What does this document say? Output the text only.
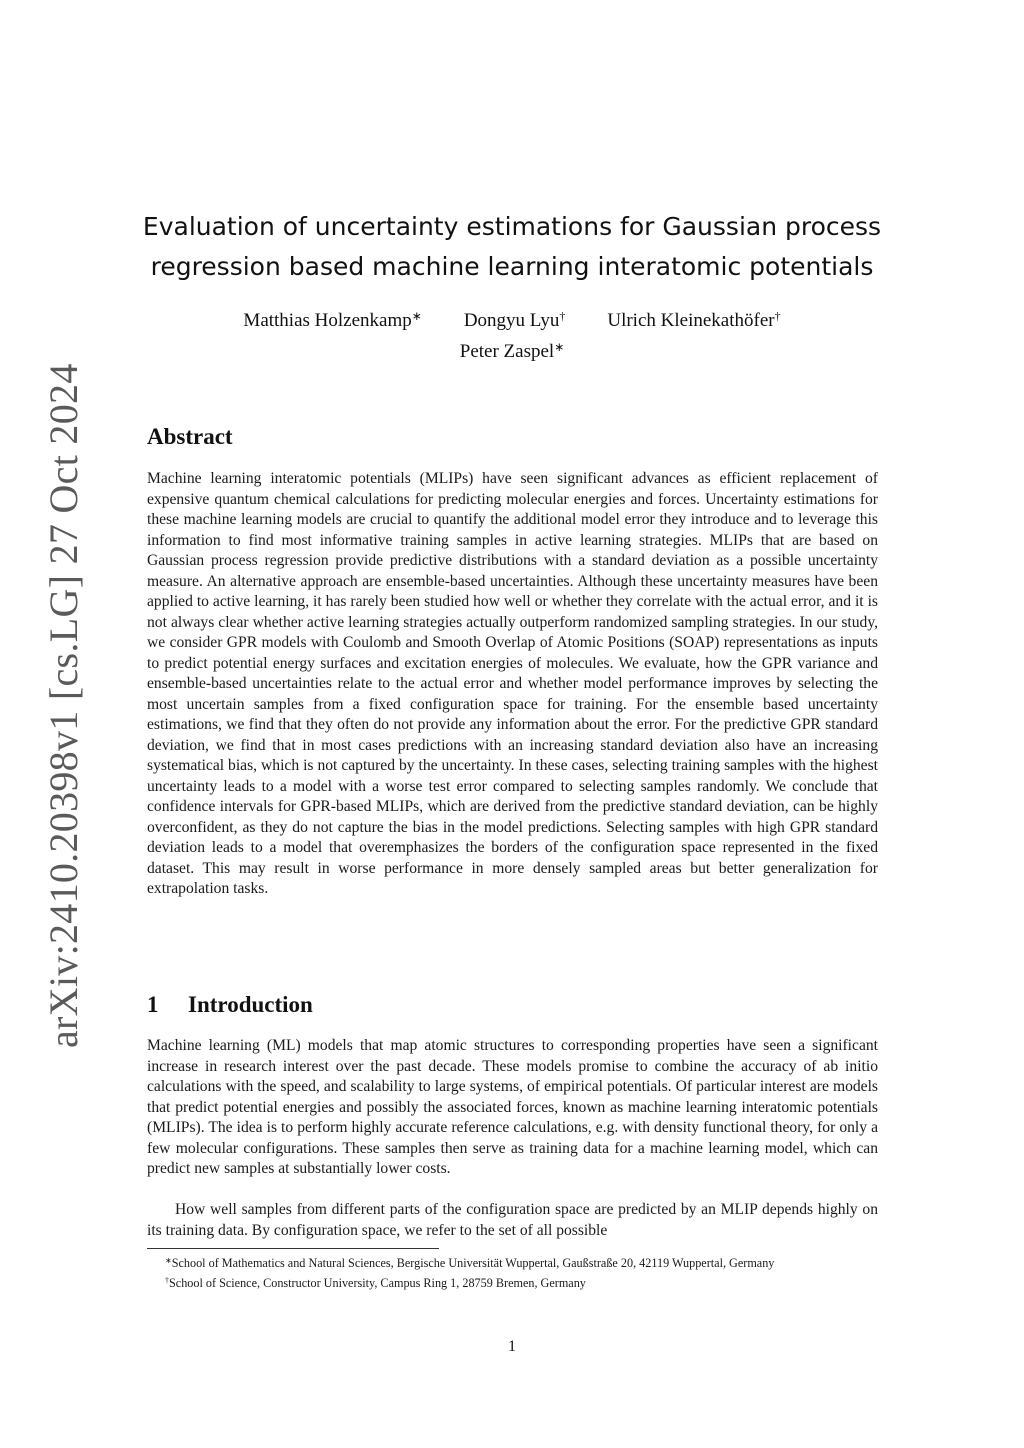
arXiv:2410.20398v1 [cs.LG] 27 Oct 2024
Evaluation of uncertainty estimations for Gaussian process
regression based machine learning interatomic potentials
Matthias Holzenkamp∗ Dongyu Lyu† Ulrich Kleinekathöfer†
Peter Zaspel∗
Abstract

Machine learning interatomic potentials (MLIPs) have seen significant advances as efficient replacement of expensive quantum chemical calculations for predicting molecular energies and forces. Uncertainty estimations for these machine learning models are crucial to quantify the additional model error they introduce and to leverage this information to find most informative training samples in active learning strategies. MLIPs that are based on Gaussian process regression provide predictive distributions with a standard deviation as a possible uncertainty measure. An alternative approach are ensemble-based uncertainties. Although these uncertainty measures have been applied to active learning, it has rarely been studied how well or whether they correlate with the actual error, and it is not always clear whether active learning strategies actually outperform randomized sampling strategies. In our study, we consider GPR models with Coulomb and Smooth Overlap of Atomic Positions (SOAP) representations as inputs to predict potential energy surfaces and excitation energies of molecules. We evaluate, how the GPR variance and ensemble-based uncertainties relate to the actual error and whether model performance improves by selecting the most uncertain samples from a fixed configuration space for training. For the ensemble based uncertainty estimations, we find that they often do not provide any information about the error. For the predictive GPR standard deviation, we find that in most cases predictions with an increasing standard deviation also have an increasing systematical bias, which is not captured by the uncertainty. In these cases, selecting training samples with the highest uncertainty leads to a model with a worse test error compared to selecting samples randomly. We conclude that confidence intervals for GPR-based MLIPs, which are derived from the predictive standard deviation, can be highly overconfident, as they do not capture the bias in the model predictions. Selecting samples with high GPR standard deviation leads to a model that overemphasizes the borders of the configuration space represented in the fixed dataset. This may result in worse performance in more densely sampled areas but better generalization for extrapolation tasks.

1 Introduction

Machine learning (ML) models that map atomic structures to corresponding properties have seen a significant increase in research interest over the past decade. These models promise to combine the accuracy of ab initio calculations with the speed, and scalability to large systems, of empirical potentials. Of particular interest are models that predict potential energies and possibly the associated forces, known as machine learning interatomic potentials (MLIPs). The idea is to perform highly accurate reference calculations, e.g. with density functional theory, for only a few molecular configurations. These samples then serve as training data for a machine learning model, which can predict new samples at substantially lower costs.

How well samples from different parts of the configuration space are predicted by an MLIP depends highly on its training data. By configuration space, we refer to the set of all possible

∗School of Mathematics and Natural Sciences, Bergische Universität Wuppertal, Gaußstraße 20, 42119 Wuppertal, Germany

†School of Science, Constructor University, Campus Ring 1, 28759 Bremen, Germany

1
